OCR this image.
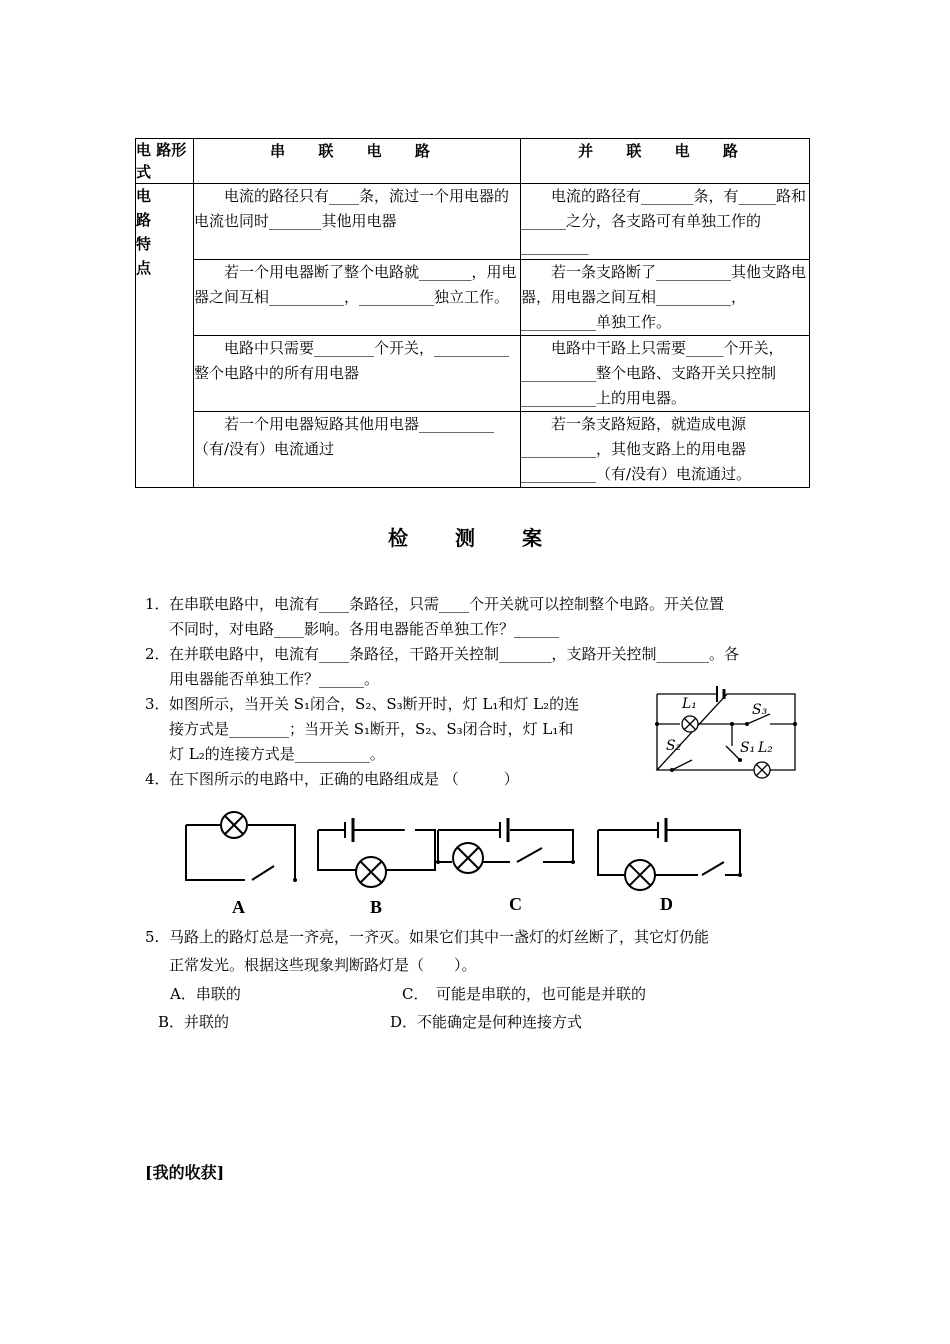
电 路形式	串 联 电 路	并 联 电 路

电路特点	电流的路径只有____条，流过一个用电器的电流也同时_______其他用电器	电流的路径有_______条，有_____路和______之分，各支路可有单独工作的_________

	若一个用电器断了整个电路就_______，用电器之间互相__________，__________独立工作。	若一条支路断了__________其他支路电器，用电器之间互相__________，__________单独工作。

	电路中只需要________个开关，__________整个电路中的所有用电器	电路中干路上只需要_____个开关，__________整个电路、支路开关只控制__________上的用电器。

	若一个用电器短路其他用电器__________（有/没有）电流通过	若一条支路短路，就造成电源__________，其他支路上的用电器__________（有/没有）电流通过。

检 测 案
1． 在串联电路中，电流有____条路径，只需____个开关就可以控制整个电路。开关位置
不同时，对电路____影响。各用电器能否单独工作？______
2． 在并联电路中，电流有____条路径，干路开关控制_______，支路开关控制_______。各
用电器能否单独工作？______。
3． 如图所示，当开关 S₁闭合，S₂、S₃断开时，灯 L₁和灯 L₂的连
接方式是________；当开关 S₁断开，S₂、S₃闭合时，灯 L₁和
灯 L₂的连接方式是__________。
L₁	S₃
S₂	S₁ L₂
4． 在下图所示的电路中，正确的电路组成是 （　　　）
A	B	C	D
5. 马路上的路灯总是一齐亮，一齐灭。如果它们其中一盏灯的灯丝断了，其它灯仍能
正常发光。根据这些现象判断路灯是（　　）。
A．串联的	C．　可能是串联的，也可能是并联的
B．并联的	D．不能确定是何种连接方式
[我的收获]
